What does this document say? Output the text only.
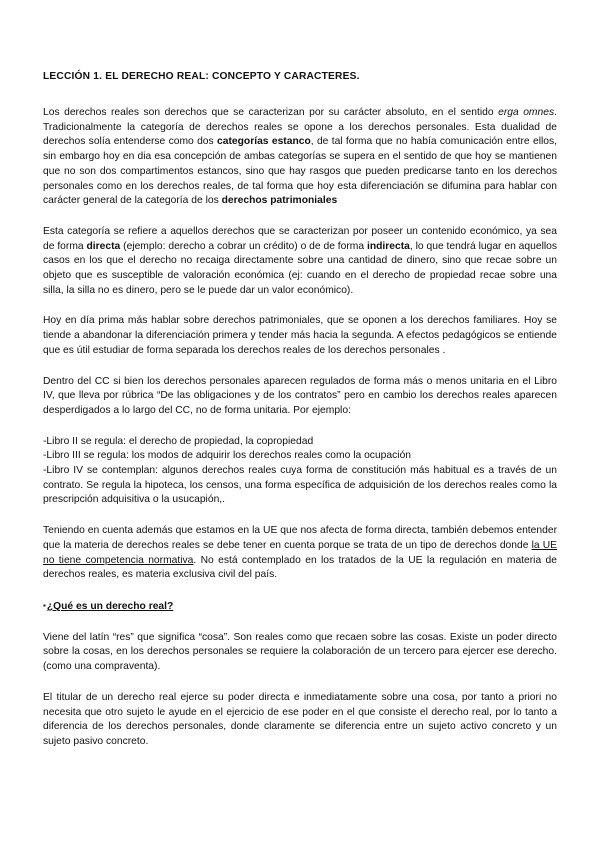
LECCIÓN 1. EL DERECHO REAL: CONCEPTO Y CARACTERES.

Los derechos reales son derechos que se caracterizan por su carácter absoluto, en el sentido erga omnes. Tradicionalmente la categoría de derechos reales se opone a los derechos personales. Esta dualidad de derechos solía entenderse como dos categorías estanco, de tal forma que no había comunicación entre ellos, sin embargo hoy en dia esa concepción de ambas categorías se supera en el sentido de que hoy se mantienen que no son dos compartimentos estancos, sino que hay rasgos que pueden predicarse tanto en los derechos personales como en los derechos reales, de tal forma que hoy esta diferenciación se difumina para hablar con carácter general de la categoría de los derechos patrimoniales

Esta categoría se refiere a aquellos derechos que se caracterizan por poseer un contenido económico, ya sea de forma directa (ejemplo: derecho a cobrar un crédito) o de de forma indirecta, lo que tendrá lugar en aquellos casos en los que el derecho no recaiga directamente sobre una cantidad de dinero, sino que recae sobre un objeto que es susceptible de valoración económica (ej: cuando en el derecho de propiedad recae sobre una silla, la silla no es dinero, pero se le puede dar un valor económico).

Hoy en día prima más hablar sobre derechos patrimoniales, que se oponen a los derechos familiares. Hoy se tiende a abandonar la diferenciación primera y tender más hacia la segunda. A efectos pedagógicos se entiende que es útil estudiar de forma separada los derechos reales de los derechos personales .

Dentro del CC si bien los derechos personales aparecen regulados de forma más o menos unitaria en el Libro IV, que lleva por rúbrica “De las obligaciones y de los contratos” pero en cambio los derechos reales aparecen desperdigados a lo largo del CC, no de forma unitaria. Por ejemplo:

-Libro II se regula: el derecho de propiedad, la copropiedad

-Libro III se regula: los modos de adquirir los derechos reales como la ocupación

-Libro IV se contemplan: algunos derechos reales cuya forma de constitución más habitual es a través de un contrato. Se regula la hipoteca, los censos, una forma específica de adquisición de los derechos reales como la prescripción adquisitiva o la usucapión,.

Teniendo en cuenta además que estamos en la UE que nos afecta de forma directa, también debemos entender que la materia de derechos reales se debe tener en cuenta porque se trata de un tipo de derechos donde la UE no tiene competencia normativa. No está contemplado en los tratados de la UE la regulación en materia de derechos reales, es materia exclusiva civil del país.

▪¿Qué es un derecho real?

Viene del latín “res” que significa “cosa”. Son reales como que recaen sobre las cosas. Existe un poder directo sobre la cosas, en los derechos personales se requiere la colaboración de un tercero para ejercer ese derecho.(como una compraventa).

El titular de un derecho real ejerce su poder directa e inmediatamente sobre una cosa, por tanto a priori no necesita que otro sujeto le ayude en el ejercicio de ese poder en el que consiste el derecho real, por lo tanto a diferencia de los derechos personales, donde claramente se diferencia entre un sujeto activo concreto y un sujeto pasivo concreto.
